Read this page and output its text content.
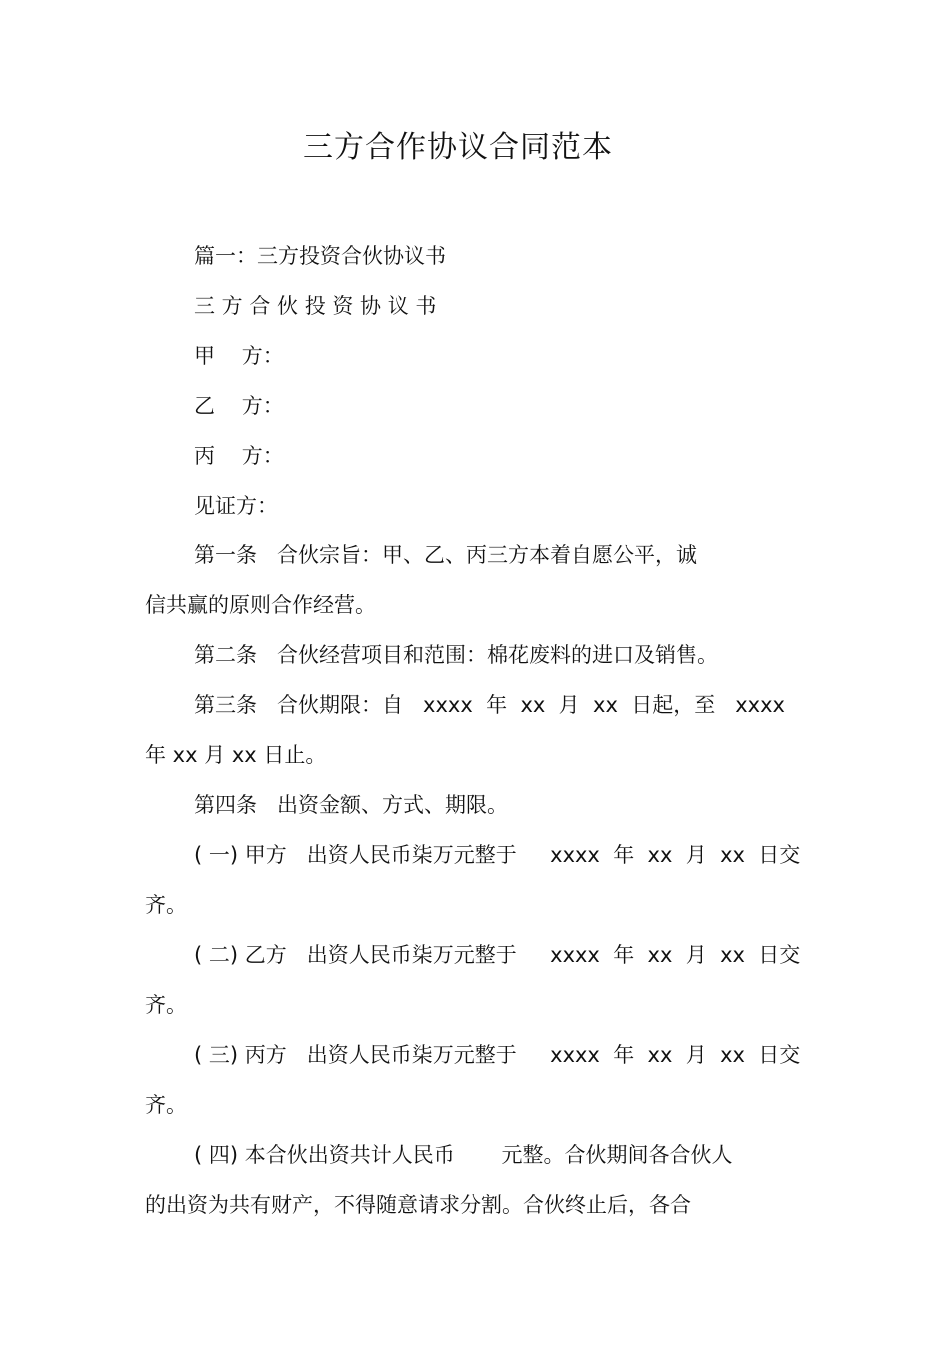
三方合作协议合同范本
篇一：三方投资合伙协议书
三 方 合 伙 投 资 协 议 书
甲    方：
乙    方：
丙    方：
见证方：
第一条   合伙宗旨：甲、乙、丙三方本着自愿公平，诚
信共赢的原则合作经营。
第二条   合伙经营项目和范围：棉花废料的进口及销售。
第三条   合伙期限：自   xxxx  年  xx  月  xx  日起，至   xxxx
年 xx 月 xx 日止。
第四条   出资金额、方式、期限。
( 一) 甲方   出资人民币柒万元整于     xxxx  年  xx  月  xx  日交
齐。
( 二) 乙方   出资人民币柒万元整于     xxxx  年  xx  月  xx  日交
齐。
( 三) 丙方   出资人民币柒万元整于     xxxx  年  xx  月  xx  日交
齐。
( 四) 本合伙出资共计人民币       元整。合伙期间各合伙人
的出资为共有财产，不得随意请求分割。合伙终止后，各合
